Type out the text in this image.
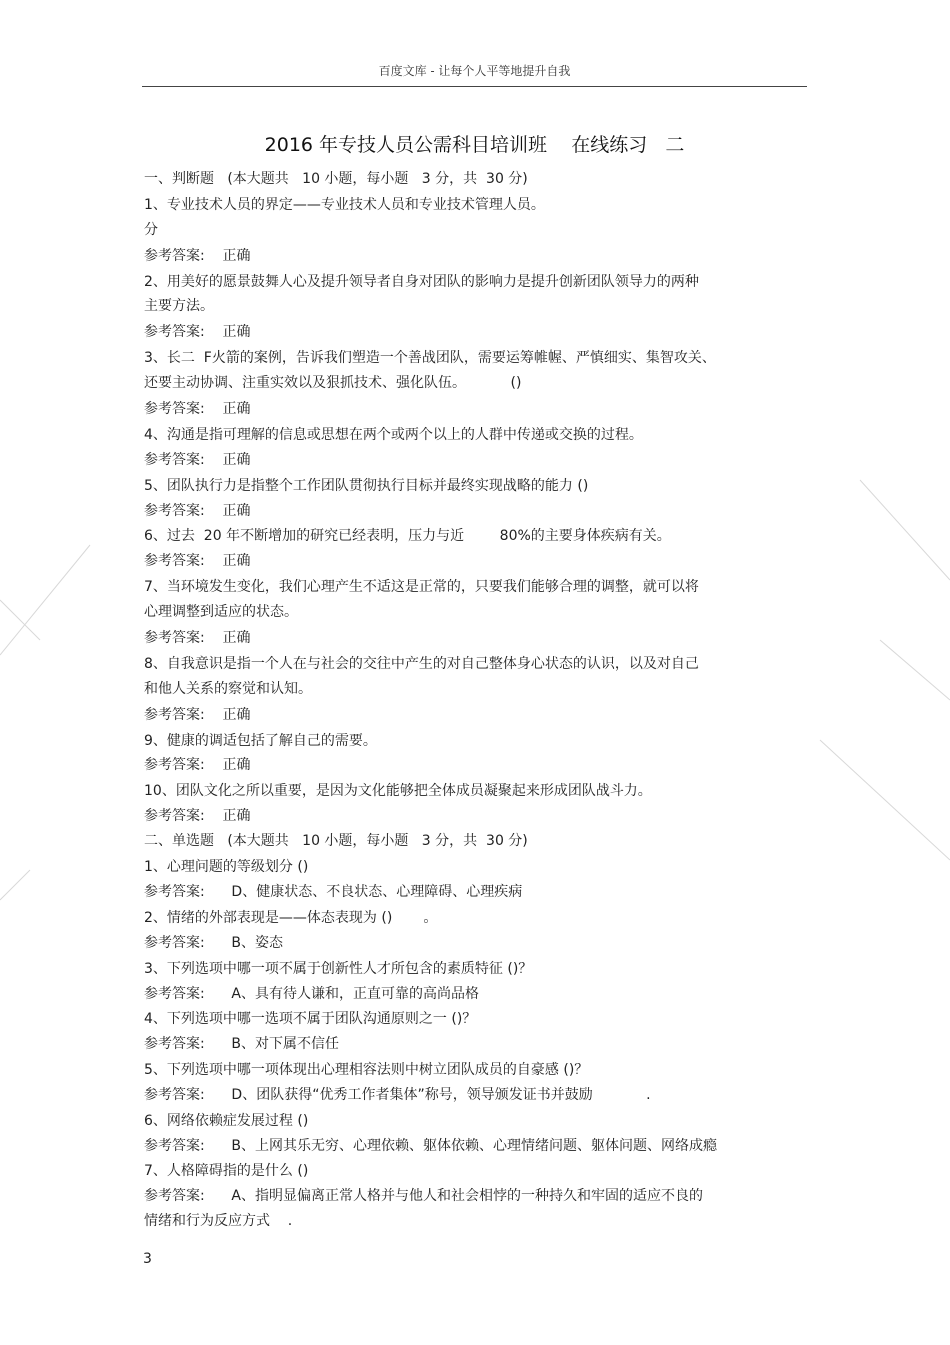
百度文库 - 让每个人平等地提升自我
2016 年专技人员公需科目培训班    在线练习   二
一、判断题   (本大题共   10 小题，每小题   3 分，共  30 分)
1、专业技术人员的界定——专业技术人员和专业技术管理人员。
分
参考答案:    正确
2、用美好的愿景鼓舞人心及提升领导者自身对团队的影响力是提升创新团队领导力的两种
主要方法。
参考答案:    正确
3、长二  F火箭的案例，告诉我们塑造一个善战团队，需要运筹帷幄、严慎细实、集智攻关、
还要主动协调、注重实效以及狠抓技术、强化队伍。          ()
参考答案:    正确
4、沟通是指可理解的信息或思想在两个或两个以上的人群中传递或交换的过程。
参考答案:    正确
5、团队执行力是指整个工作团队贯彻执行目标并最终实现战略的能力 ()
参考答案:    正确
6、过去  20 年不断增加的研究已经表明，压力与近        80%的主要身体疾病有关。
参考答案:    正确
7、当环境发生变化，我们心理产生不适这是正常的，只要我们能够合理的调整，就可以将
心理调整到适应的状态。
参考答案:    正确
8、自我意识是指一个人在与社会的交往中产生的对自己整体身心状态的认识，以及对自己
和他人关系的察觉和认知。
参考答案:    正确
9、健康的调适包括了解自己的需要。
参考答案:    正确
10、团队文化之所以重要，是因为文化能够把全体成员凝聚起来形成团队战斗力。
参考答案:    正确
二、单选题   (本大题共   10 小题，每小题   3 分，共  30 分)
1、心理问题的等级划分 ()
参考答案:      D、健康状态、不良状态、心理障碍、心理疾病
2、情绪的外部表现是——体态表现为 ()       。
参考答案:      B、姿态
3、下列选项中哪一项不属于创新性人才所包含的素质特征 ()？
参考答案:      A、具有待人谦和，正直可靠的高尚品格
4、下列选项中哪一选项不属于团队沟通原则之一 ()？
参考答案:      B、对下属不信任
5、下列选项中哪一项体现出心理相容法则中树立团队成员的自豪感 ()？
参考答案:      D、团队获得“优秀工作者集体”称号，领导颁发证书并鼓励            .
6、网络依赖症发展过程 ()
参考答案:      B、上网其乐无穷、心理依赖、躯体依赖、心理情绪问题、躯体问题、网络成瘾
7、人格障碍指的是什么 ()
参考答案:      A、指明显偏离正常人格并与他人和社会相悖的一种持久和牢固的适应不良的
情绪和行为反应方式    .
3
